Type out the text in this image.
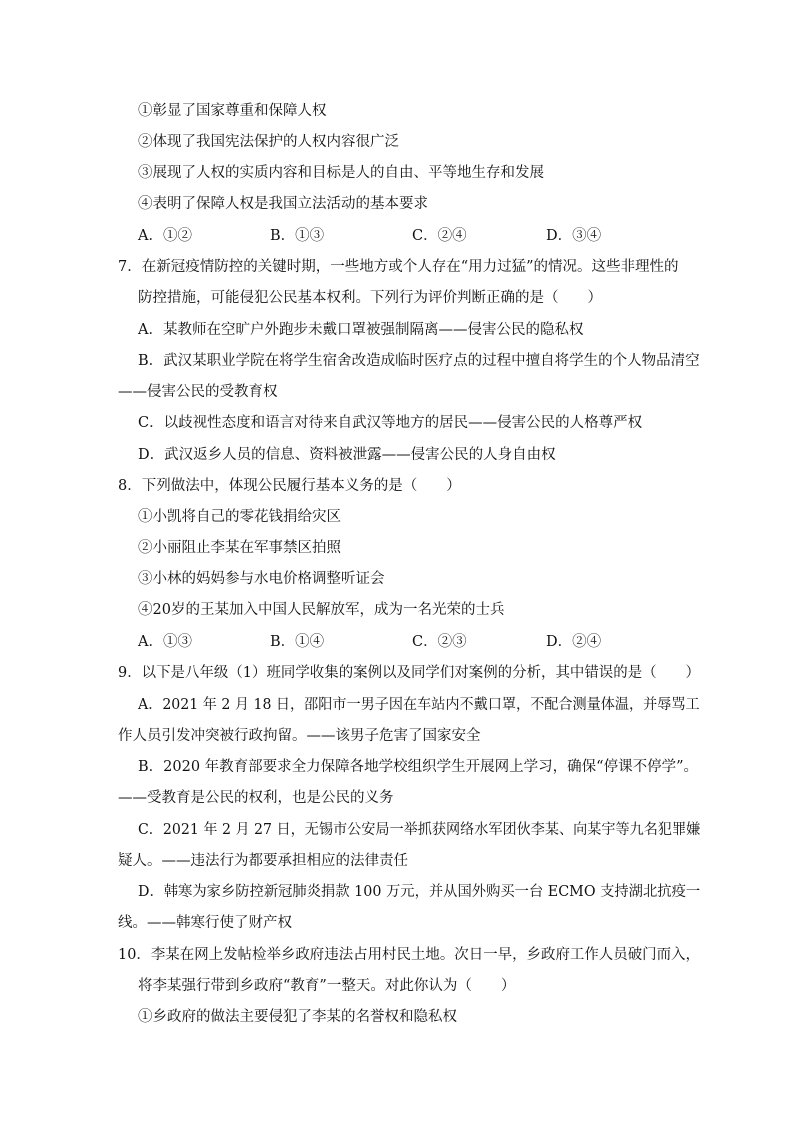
①彰显了国家尊重和保障人权
②体现了我国宪法保护的人权内容很广泛
③展现了人权的实质内容和目标是人的自由、平等地生存和发展
④表明了保障人权是我国立法活动的基本要求
A．①②	B．①③	C．②④	D．③④
7．在新冠疫情防控的关键时期，一些地方或个人存在“用力过猛”的情况。这些非理性的
防控措施，可能侵犯公民基本权利。下列行为评价判断正确的是（　　）
A．某教师在空旷户外跑步未戴口罩被强制隔离——侵害公民的隐私权
B．武汉某职业学院在将学生宿舍改造成临时医疗点的过程中擅自将学生的个人物品清空
——侵害公民的受教育权
C．以歧视性态度和语言对待来自武汉等地方的居民——侵害公民的人格尊严权
D．武汉返乡人员的信息、资料被泄露——侵害公民的人身自由权
8．下列做法中，体现公民履行基本义务的是（　　）
①小凯将自己的零花钱捐给灾区
②小丽阻止李某在军事禁区拍照
③小林的妈妈参与水电价格调整听证会
④20岁的王某加入中国人民解放军，成为一名光荣的士兵
A．①③	B．①④	C．②③	D．②④
9．以下是八年级（1）班同学收集的案例以及同学们对案例的分析，其中错误的是（　　）
A．2021 年 2 月 18 日，邵阳市一男子因在车站内不戴口罩，不配合测量体温，并辱骂工
作人员引发冲突被行政拘留。——该男子危害了国家安全
B．2020 年教育部要求全力保障各地学校组织学生开展网上学习，确保“停课不停学”。
——受教育是公民的权利，也是公民的义务
C．2021 年 2 月 27 日，无锡市公安局一举抓获网络水军团伙李某、向某宇等九名犯罪嫌
疑人。——违法行为都要承担相应的法律责任
D．韩寒为家乡防控新冠肺炎捐款 100 万元，并从国外购买一台 ECMO 支持湖北抗疫一
线。——韩寒行使了财产权
10．李某在网上发帖检举乡政府违法占用村民土地。次日一早，乡政府工作人员破门而入，
将李某强行带到乡政府“教育”一整天。对此你认为（　　）
①乡政府的做法主要侵犯了李某的名誉权和隐私权
